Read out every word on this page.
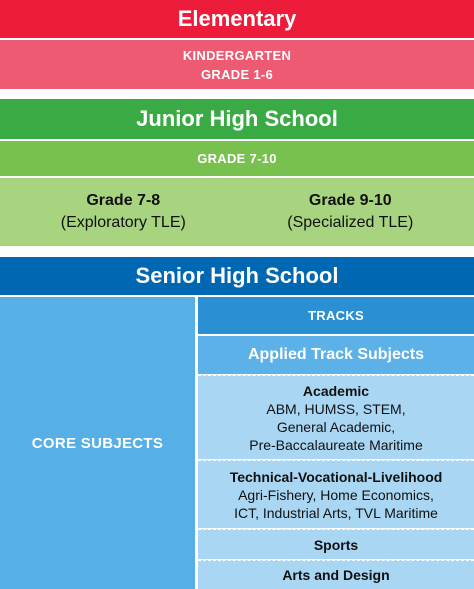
Elementary
KINDERGARTEN
GRADE 1-6
Junior High School
GRADE 7-10
Grade 7-8
(Exploratory TLE)
Grade 9-10
(Specialized TLE)
Senior High School
CORE SUBJECTS
TRACKS
Applied Track Subjects
Academic
ABM, HUMSS, STEM,
General Academic,
Pre-Baccalaureate Maritime
Technical-Vocational-Livelihood
Agri-Fishery, Home Economics,
ICT, Industrial Arts, TVL Maritime
Sports
Arts and Design
